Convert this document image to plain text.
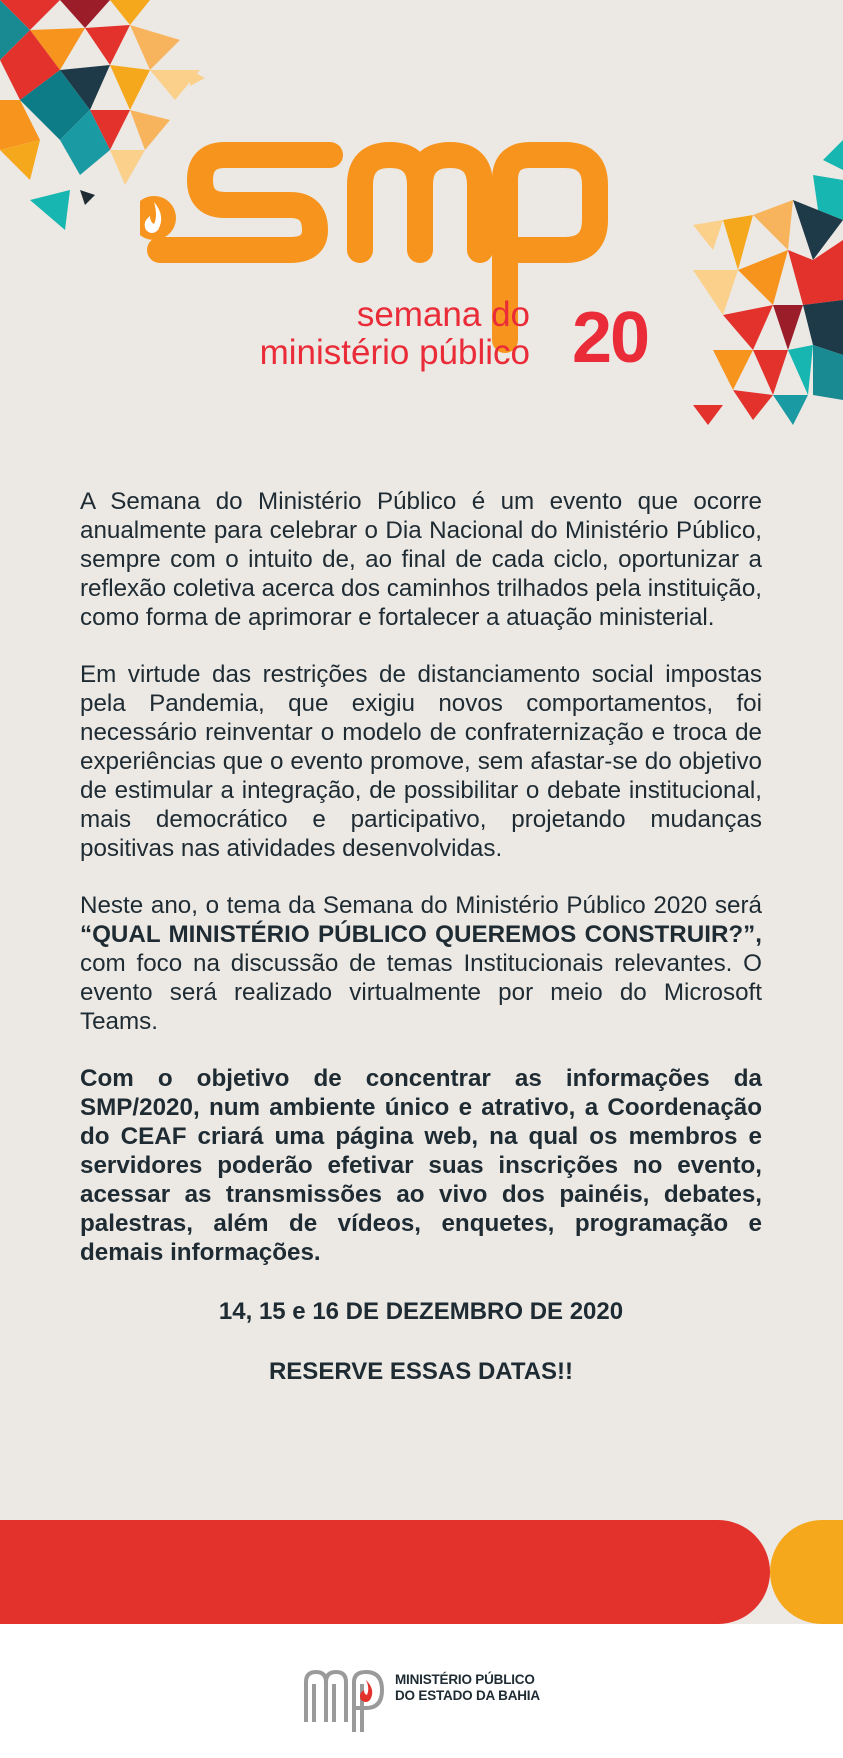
smp
semana do
ministério público 20

A Semana do Ministério Público é um evento que ocorre anualmente para celebrar o Dia Nacional do Ministério Público, sempre com o intuito de, ao final de cada ciclo, oportunizar a reflexão coletiva acerca dos caminhos trilhados pela instituição, como forma de aprimorar e fortalecer a atuação ministerial.

Em virtude das restrições de distanciamento social impostas pela Pandemia, que exigiu novos comportamentos, foi necessário reinventar o modelo de confraternização e troca de experiências que o evento promove, sem afastar-se do objetivo de estimular a integração, de possibilitar o debate institucional, mais democrático e participativo, projetando mudanças positivas nas atividades desenvolvidas.

Neste ano, o tema da Semana do Ministério Público 2020 será “QUAL MINISTÉRIO PÚBLICO QUEREMOS CONSTRUIR?”, com foco na discussão de temas Institucionais relevantes. O evento será realizado virtualmente por meio do Microsoft Teams.

Com o objetivo de concentrar as informações da SMP/2020, num ambiente único e atrativo, a Coordenação do CEAF criará uma página web, na qual os membros e servidores poderão efetivar suas inscrições no evento, acessar as transmissões ao vivo dos painéis, debates, palestras, além de vídeos, enquetes, programação e demais informações.

14, 15 e 16 DE DEZEMBRO DE 2020

RESERVE ESSAS DATAS!!

mp
MINISTÉRIO PÚBLICO
DO ESTADO DA BAHIA
